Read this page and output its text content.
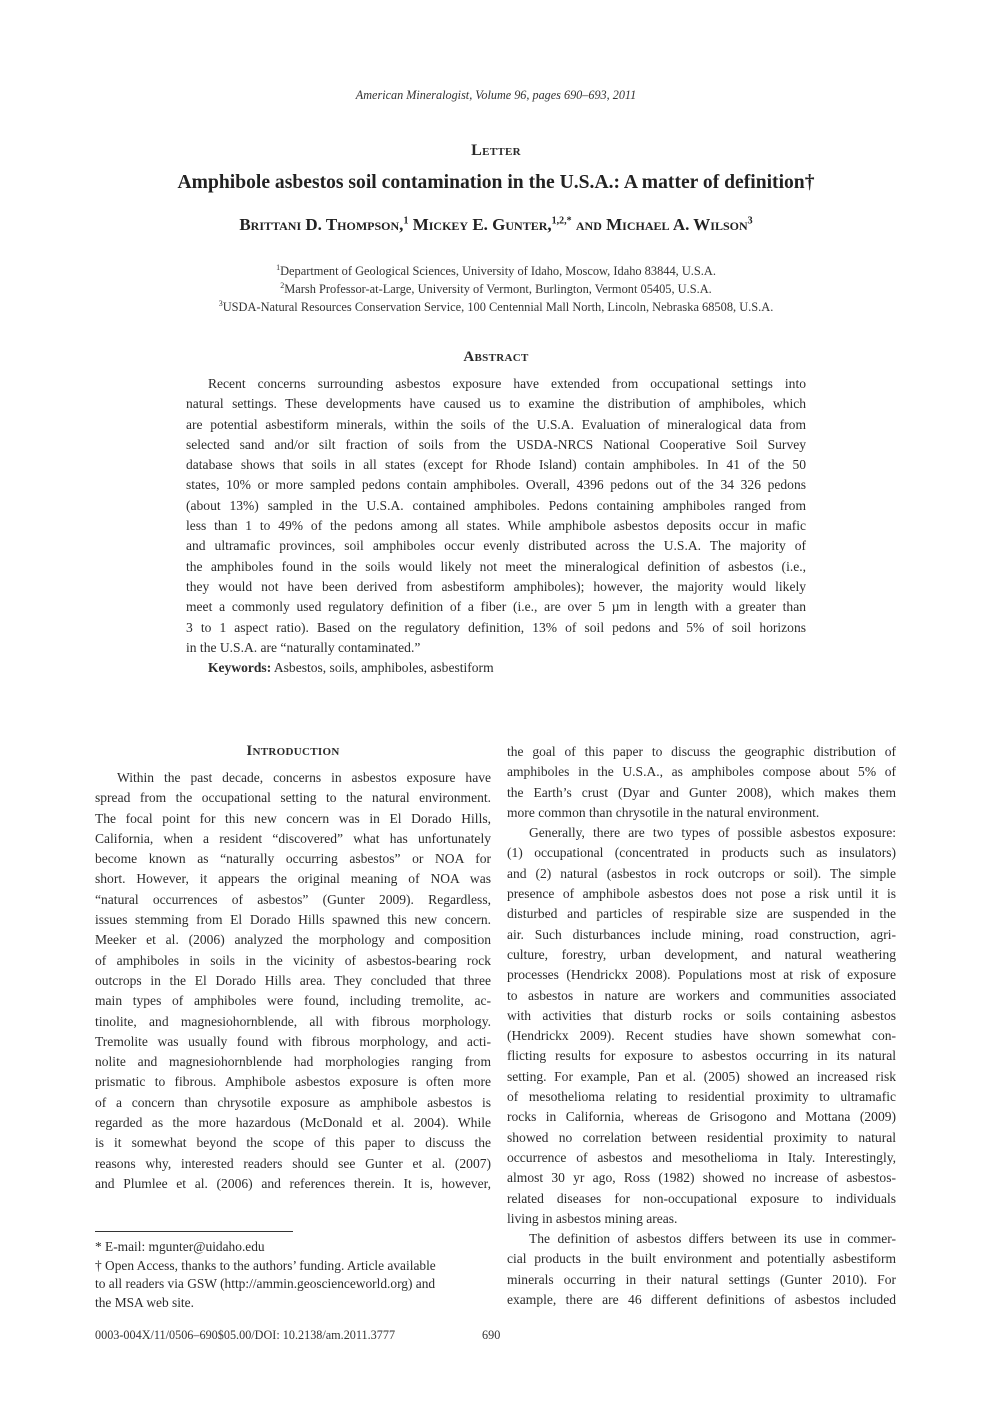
American Mineralogist, Volume 96, pages 690–693, 2011
Letter
Amphibole asbestos soil contamination in the U.S.A.: A matter of definition†
Brittani D. Thompson,$^1$ Mickey E. Gunter,$^{1,2,*}$ and Michael A. Wilson$^3$
$^1$Department of Geological Sciences, University of Idaho, Moscow, Idaho 83844, U.S.A.
$^2$Marsh Professor-at-Large, University of Vermont, Burlington, Vermont 05405, U.S.A.
$^3$USDA-Natural Resources Conservation Service, 100 Centennial Mall North, Lincoln, Nebraska 68508, U.S.A.
Abstract
Recent concerns surrounding asbestos exposure have extended from occupational settings into
natural settings. These developments have caused us to examine the distribution of amphiboles, which
are potential asbestiform minerals, within the soils of the U.S.A. Evaluation of mineralogical data from
selected sand and/or silt fraction of soils from the USDA-NRCS National Cooperative Soil Survey
database shows that soils in all states (except for Rhode Island) contain amphiboles. In 41 of the 50
states, 10% or more sampled pedons contain amphiboles. Overall, 4396 pedons out of the 34 326 pedons
(about 13%) sampled in the U.S.A. contained amphiboles. Pedons containing amphiboles ranged from
less than 1 to 49% of the pedons among all states. While amphibole asbestos deposits occur in mafic
and ultramafic provinces, soil amphiboles occur evenly distributed across the U.S.A. The majority of
the amphiboles found in the soils would likely not meet the mineralogical definition of asbestos (i.e.,
they would not have been derived from asbestiform amphiboles); however, the majority would likely
meet a commonly used regulatory definition of a fiber (i.e., are over 5 µm in length with a greater than
3 to 1 aspect ratio). Based on the regulatory definition, 13% of soil pedons and 5% of soil horizons
in the U.S.A. are “naturally contaminated.”
Keywords: Asbestos, soils, amphiboles, asbestiform
Introduction
Within the past decade, concerns in asbestos exposure have
spread from the occupational setting to the natural environment.
The focal point for this new concern was in El Dorado Hills,
California, when a resident “discovered” what has unfortunately
become known as “naturally occurring asbestos” or NOA for
short. However, it appears the original meaning of NOA was
“natural occurrences of asbestos” (Gunter 2009). Regardless,
issues stemming from El Dorado Hills spawned this new concern.
Meeker et al. (2006) analyzed the morphology and composition
of amphiboles in soils in the vicinity of asbestos-bearing rock
outcrops in the El Dorado Hills area. They concluded that three
main types of amphiboles were found, including tremolite, ac-
tinolite, and magnesiohornblende, all with fibrous morphology.
Tremolite was usually found with fibrous morphology, and acti-
nolite and magnesiohornblende had morphologies ranging from
prismatic to fibrous. Amphibole asbestos exposure is often more
of a concern than chrysotile exposure as amphibole asbestos is
regarded as the more hazardous (McDonald et al. 2004). While
is it somewhat beyond the scope of this paper to discuss the
reasons why, interested readers should see Gunter et al. (2007)
and Plumlee et al. (2006) and references therein. It is, however,
the goal of this paper to discuss the geographic distribution of
amphiboles in the U.S.A., as amphiboles compose about 5% of
the Earth’s crust (Dyar and Gunter 2008), which makes them
more common than chrysotile in the natural environment.
Generally, there are two types of possible asbestos exposure:
(1) occupational (concentrated in products such as insulators)
and (2) natural (asbestos in rock outcrops or soil). The simple
presence of amphibole asbestos does not pose a risk until it is
disturbed and particles of respirable size are suspended in the
air. Such disturbances include mining, road construction, agri-
culture, forestry, urban development, and natural weathering
processes (Hendrickx 2008). Populations most at risk of exposure
to asbestos in nature are workers and communities associated
with activities that disturb rocks or soils containing asbestos
(Hendrickx 2009). Recent studies have shown somewhat con-
flicting results for exposure to asbestos occurring in its natural
setting. For example, Pan et al. (2005) showed an increased risk
of mesothelioma relating to residential proximity to ultramafic
rocks in California, whereas de Grisogono and Mottana (2009)
showed no correlation between residential proximity to natural
occurrence of asbestos and mesothelioma in Italy. Interestingly,
almost 30 yr ago, Ross (1982) showed no increase of asbestos-
related diseases for non-occupational exposure to individuals
living in asbestos mining areas.
The definition of asbestos differs between its use in commer-
cial products in the built environment and potentially asbestiform
minerals occurring in their natural settings (Gunter 2010). For
example, there are 46 different definitions of asbestos included
* E-mail: mgunter@uidaho.edu
† Open Access, thanks to the authors’ funding. Article available
to all readers via GSW (http://ammin.geoscienceworld.org) and
the MSA web site.
0003-004X/11/0506–690$05.00/DOI: 10.2138/am.2011.3777	690
